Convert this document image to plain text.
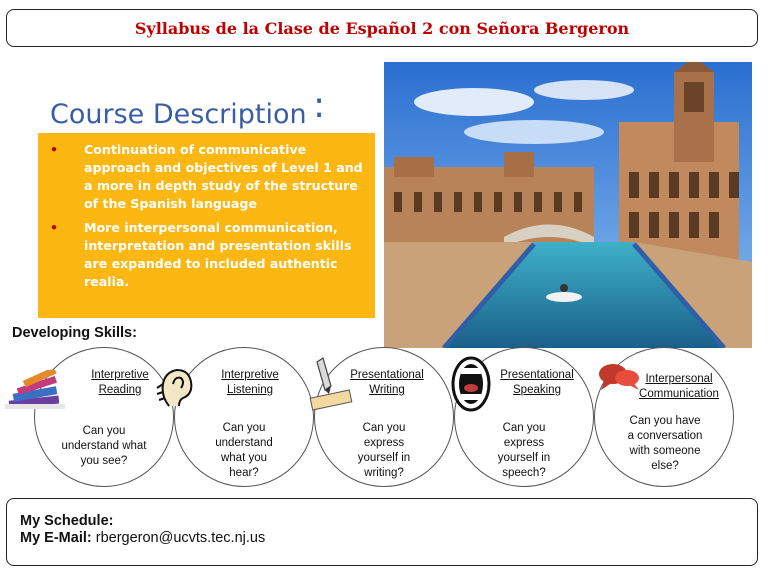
Syllabus de la Clase de Español 2 con Señora Bergeron
Course Description :
• Continuation of communicative approach and objectives of Level 1 and a more in depth study of the structure of the Spanish language
• More interpersonal communication, interpretation and presentation skills are expanded to included authentic realia.
Developing Skills:
Interpretive Reading
Can you understand what you see?
Interpretive Listening
Can you understand what you hear?
Presentational Writing
Can you express yourself in writing?
Presentational Speaking
Can you express yourself in speech?
Interpersonal Communication
Can you have a conversation with someone else?
My Schedule:
My E-Mail: rbergeron@ucvts.tec.nj.us
